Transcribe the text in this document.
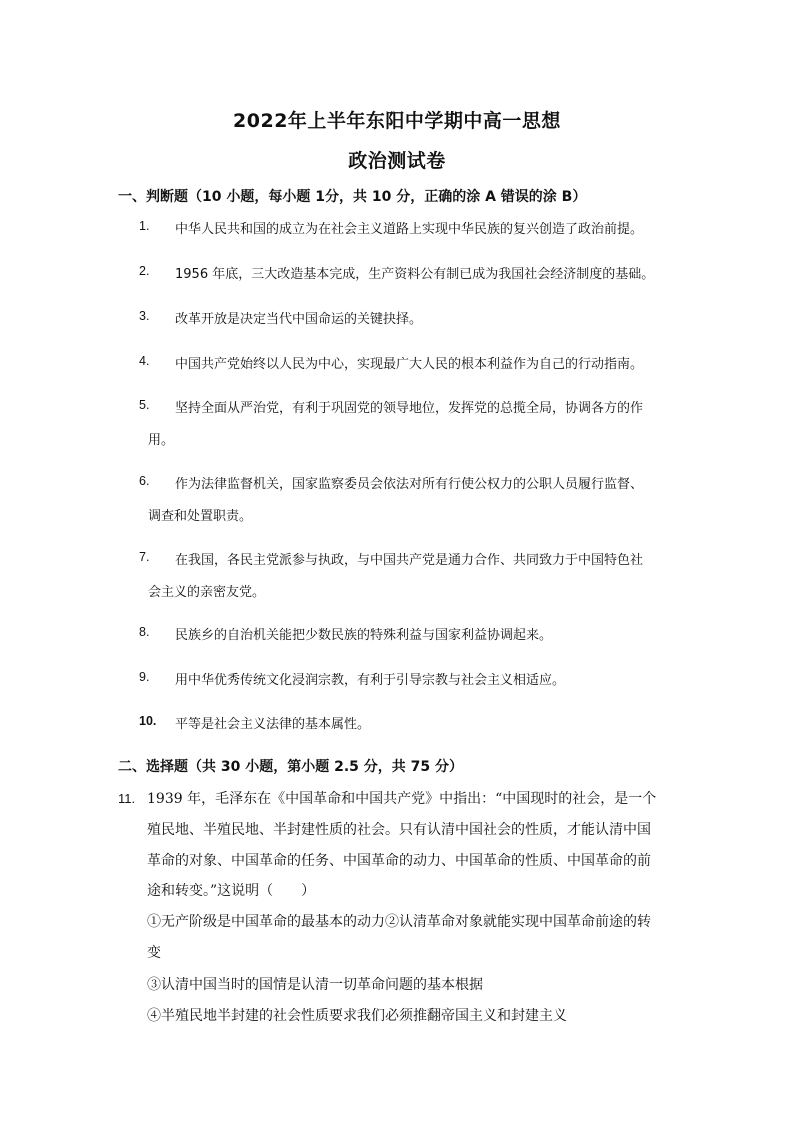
2022年上半年东阳中学期中高一思想
政治测试卷
一、判断题（10 小题，每小题 1分，共 10 分，正确的涂 A 错误的涂 B）
1. 中华人民共和国的成立为在社会主义道路上实现中华民族的复兴创造了政治前提。
2. 1956 年底，三大改造基本完成，生产资料公有制已成为我国社会经济制度的基础。
3. 改革开放是决定当代中国命运的关键抉择。
4. 中国共产党始终以人民为中心，实现最广大人民的根本利益作为自己的行动指南。
5. 坚持全面从严治党，有利于巩固党的领导地位，发挥党的总揽全局，协调各方的作
用。
6. 作为法律监督机关，国家监察委员会依法对所有行使公权力的公职人员履行监督、
调查和处置职责。
7. 在我国，各民主党派参与执政，与中国共产党是通力合作、共同致力于中国特色社
会主义的亲密友党。
8. 民族乡的自治机关能把少数民族的特殊利益与国家利益协调起来。
9. 用中华优秀传统文化浸润宗教，有利于引导宗教与社会主义相适应。
10. 平等是社会主义法律的基本属性。
二、选择题（共 30 小题，第小题 2.5 分，共 75 分）
11. 1939 年，毛泽东在《中国革命和中国共产党》中指出：“中国现时的社会，是一个
殖民地、半殖民地、半封建性质的社会。只有认清中国社会的性质，才能认清中国
革命的对象、中国革命的任务、中国革命的动力、中国革命的性质、中国革命的前
途和转变。”这说明（　　）
①无产阶级是中国革命的最基本的动力②认清革命对象就能实现中国革命前途的转
变
③认清中国当时的国情是认清一切革命问题的基本根据
④半殖民地半封建的社会性质要求我们必须推翻帝国主义和封建主义
